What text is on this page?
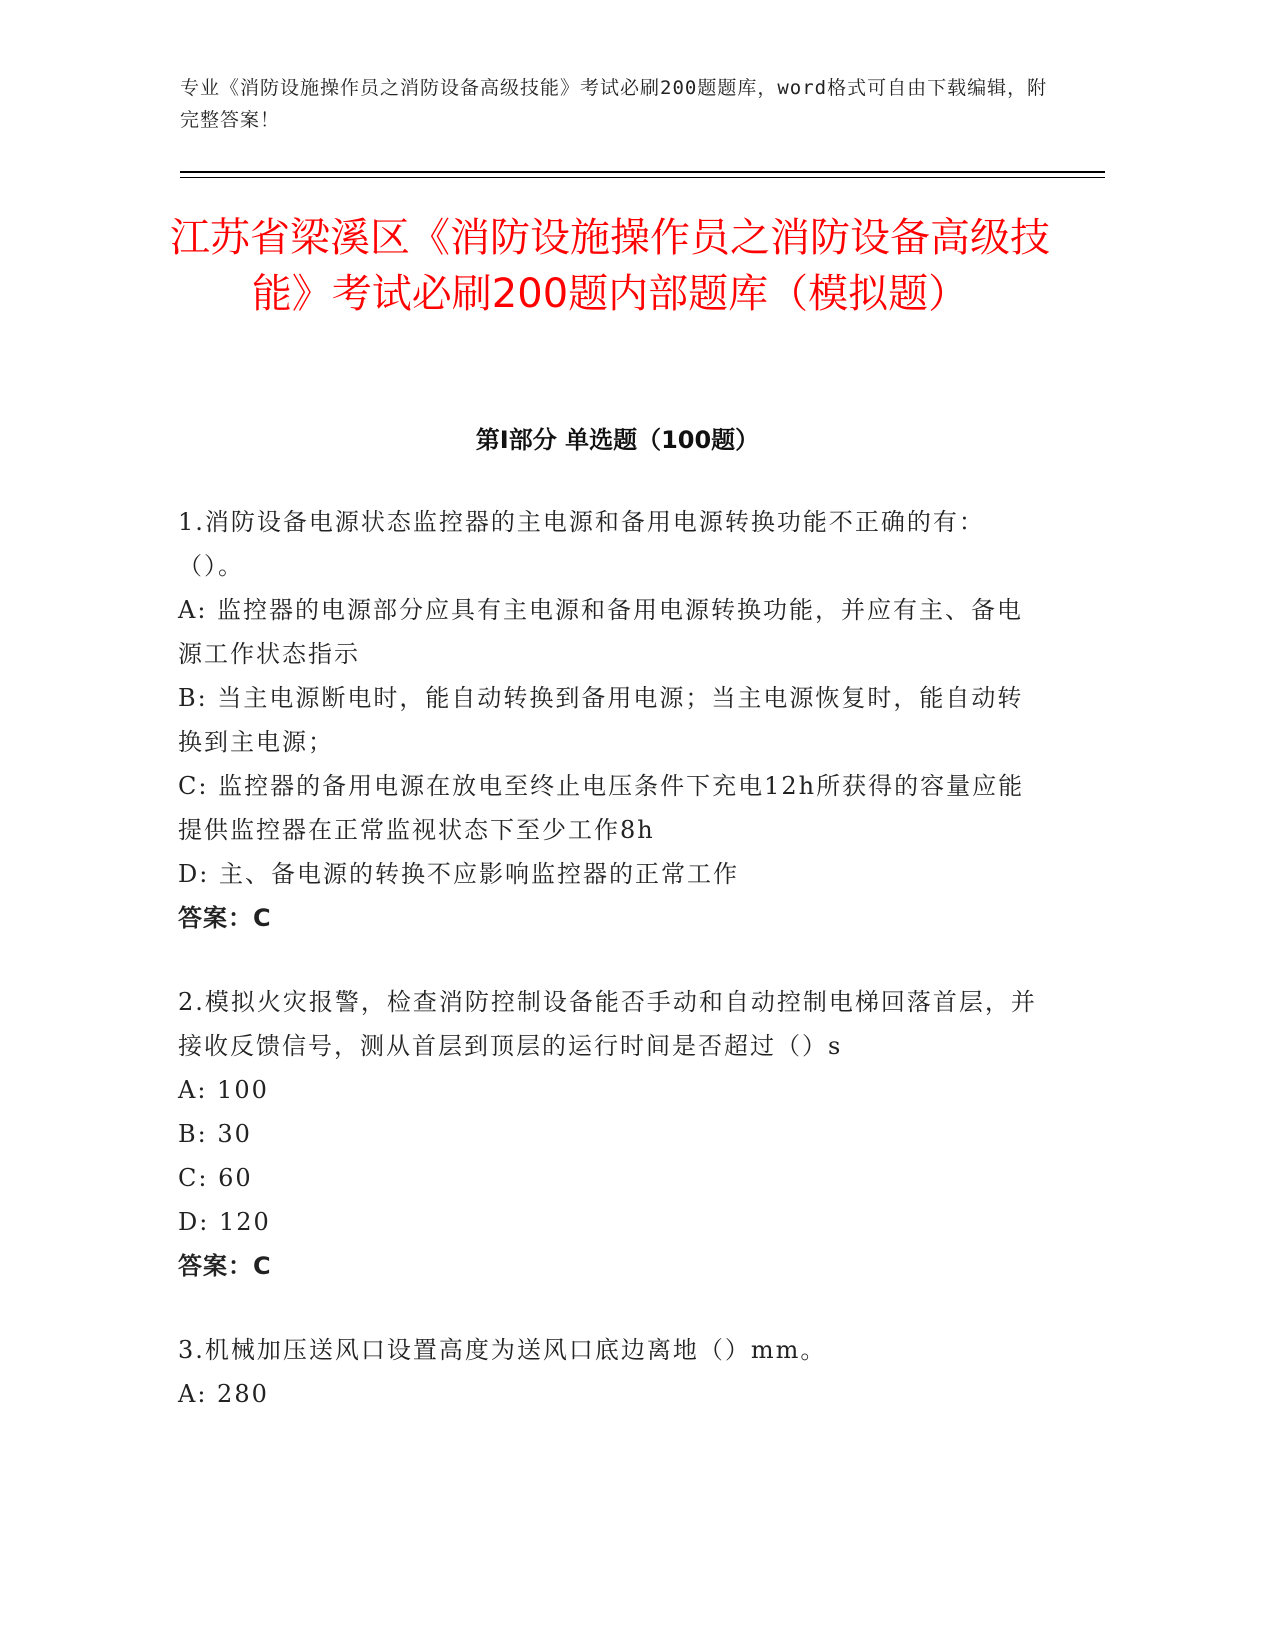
专业《消防设施操作员之消防设备高级技能》考试必刷200题题库，word格式可自由下载编辑，附完整答案！
江苏省梁溪区《消防设施操作员之消防设备高级技能》考试必刷200题内部题库（模拟题）
第I部分 单选题（100题）
1.消防设备电源状态监控器的主电源和备用电源转换功能不正确的有：（）。
A: 监控器的电源部分应具有主电源和备用电源转换功能，并应有主、备电源工作状态指示
B: 当主电源断电时，能自动转换到备用电源；当主电源恢复时，能自动转换到主电源；
C: 监控器的备用电源在放电至终止电压条件下充电12h所获得的容量应能提供监控器在正常监视状态下至少工作8h
D: 主、备电源的转换不应影响监控器的正常工作
答案：C
2.模拟火灾报警，检查消防控制设备能否手动和自动控制电梯回落首层，并接收反馈信号，测从首层到顶层的运行时间是否超过（）s
A: 100
B: 30
C: 60
D: 120
答案：C
3.机械加压送风口设置高度为送风口底边离地（）mm。
A: 280
